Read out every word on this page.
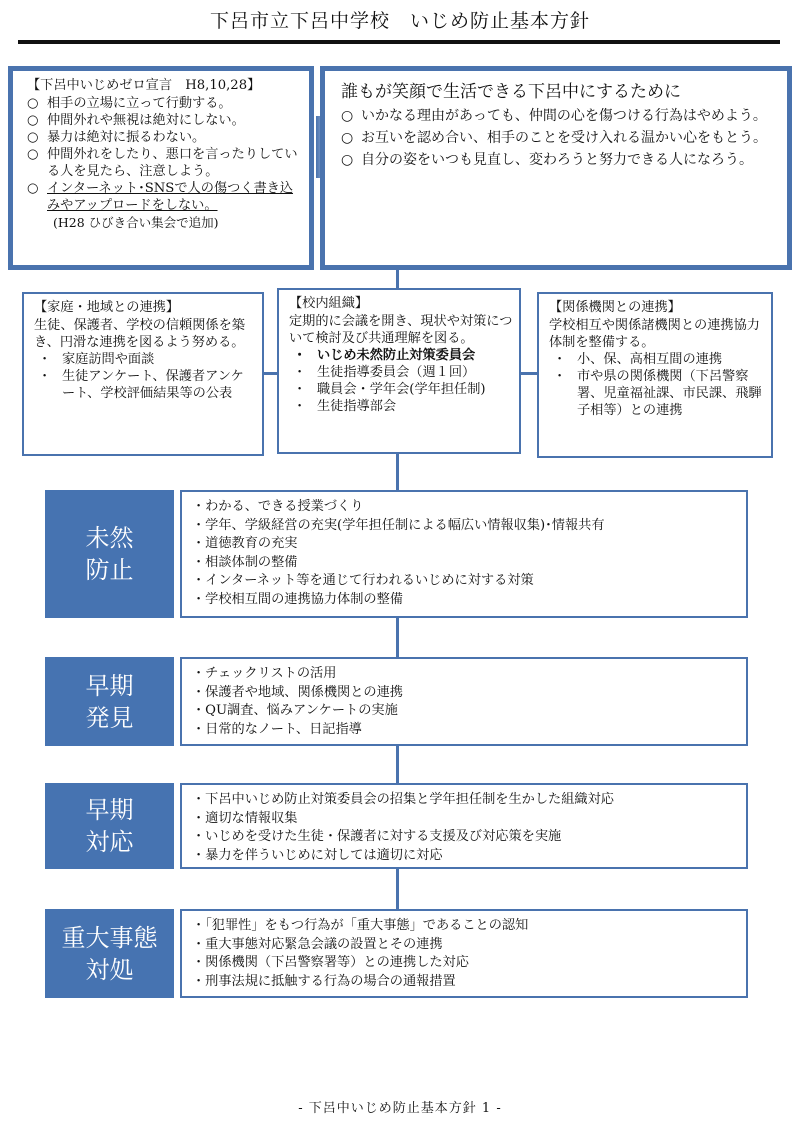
下呂市立下呂中学校　いじめ防止基本方針
【下呂中いじめゼロ宣言　H8,10,28】
○ 相手の立場に立って行動する。
○ 仲間外れや無視は絶対にしない。
○ 暴力は絶対に振るわない。
○ 仲間外れをしたり、悪口を言ったりしている人を見たら、注意しよう。
○ インターネット･SNSで人の傷つく書き込みやアップロードをしない。
(H28 ひびき合い集会で追加)
誰もが笑顔で生活できる下呂中にするために
○ いかなる理由があっても、仲間の心を傷つける行為はやめよう。
○ お互いを認め合い、相手のことを受け入れる温かい心をもとう。
○ 自分の姿をいつも見直し、変わろうと努力できる人になろう。
【家庭・地域との連携】
生徒、保護者、学校の信頼関係を築き、円滑な連携を図るよう努める。
・ 家庭訪問や面談
・ 生徒アンケート、保護者アンケート、学校評価結果等の公表
【校内組織】
定期的に会議を開き、現状や対策について検討及び共通理解を図る。
・ いじめ未然防止対策委員会
・ 生徒指導委員会（週１回）
・ 職員会・学年会(学年担任制)
・ 生徒指導部会
【関係機関との連携】
学校相互や関係諸機関との連携協力体制を整備する。
・ 小、保、高相互間の連携
・ 市や県の関係機関（下呂警察署、児童福祉課、市民課、飛騨子相等）との連携
未然
防止
・わかる、できる授業づくり
・学年、学級経営の充実(学年担任制による幅広い情報収集)･情報共有
・道徳教育の充実
・相談体制の整備
・インターネット等を通じて行われるいじめに対する対策
・学校相互間の連携協力体制の整備
早期
発見
・チェックリストの活用
・保護者や地域、関係機関との連携
・QU調査、悩みアンケートの実施
・日常的なノート、日記指導
早期
対応
・下呂中いじめ防止対策委員会の招集と学年担任制を生かした組織対応
・適切な情報収集
・いじめを受けた生徒・保護者に対する支援及び対応策を実施
・暴力を伴ういじめに対しては適切に対応
重大事態
対処
・「犯罪性」をもつ行為が「重大事態」であることの認知
・重大事態対応緊急会議の設置とその連携
・関係機関（下呂警察署等）との連携した対応
・刑事法規に抵触する行為の場合の通報措置
- 下呂中いじめ防止基本方針 1 -
